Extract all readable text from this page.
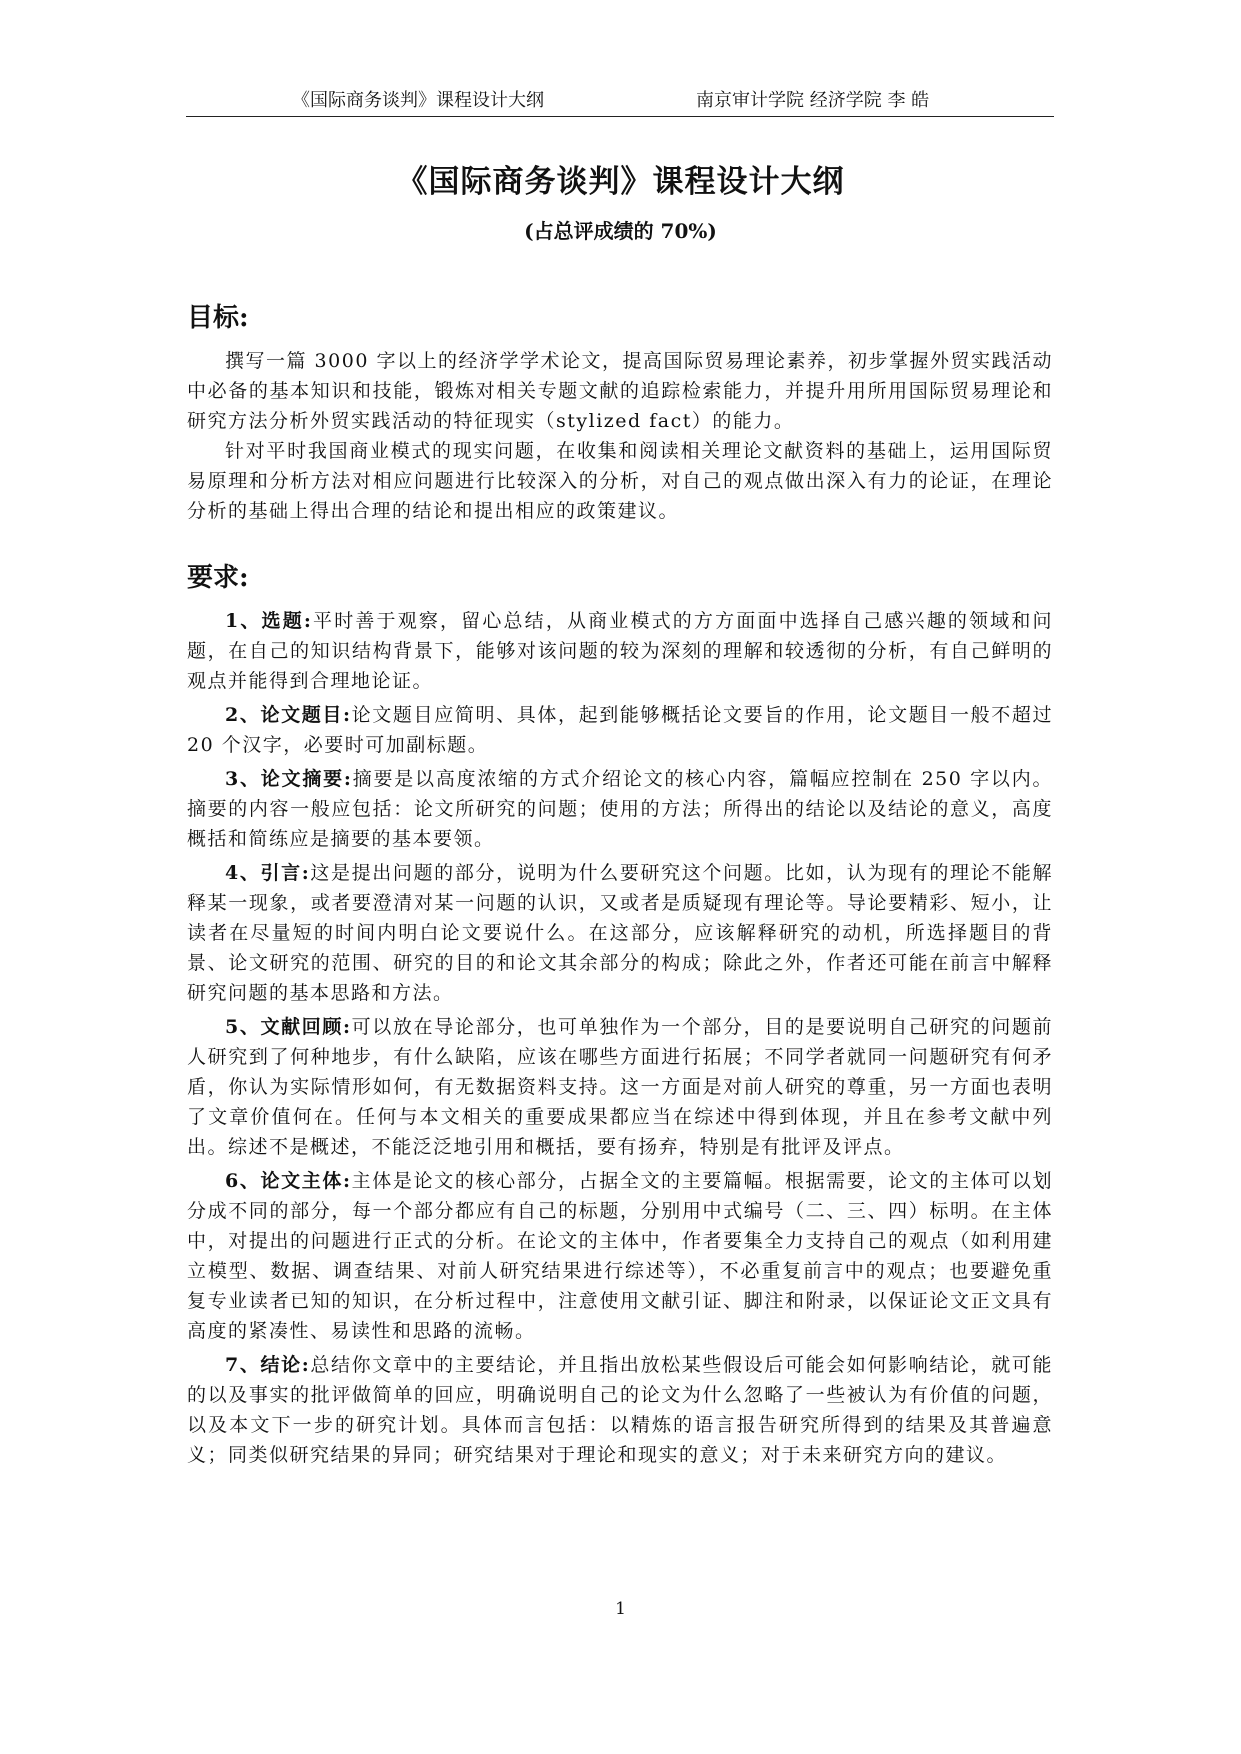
《国际商务谈判》课程设计大纲	南京审计学院 经济学院 李 皓
《国际商务谈判》课程设计大纲
(占总评成绩的 70%)
目标:

撰写一篇 3000 字以上的经济学学术论文，提高国际贸易理论素养，初步掌握外贸实践活动中必备的基本知识和技能，锻炼对相关专题文献的追踪检索能力，并提升用所用国际贸易理论和研究方法分析外贸实践活动的特征现实（stylized fact）的能力。

针对平时我国商业模式的现实问题，在收集和阅读相关理论文献资料的基础上，运用国际贸易原理和分析方法对相应问题进行比较深入的分析，对自己的观点做出深入有力的论证，在理论分析的基础上得出合理的结论和提出相应的政策建议。

要求:

1、选题:平时善于观察，留心总结，从商业模式的方方面面中选择自己感兴趣的领域和问题，在自己的知识结构背景下，能够对该问题的较为深刻的理解和较透彻的分析，有自己鲜明的观点并能得到合理地论证。

2、论文题目:论文题目应简明、具体，起到能够概括论文要旨的作用，论文题目一般不超过 20 个汉字，必要时可加副标题。

3、论文摘要:摘要是以高度浓缩的方式介绍论文的核心内容，篇幅应控制在 250 字以内。摘要的内容一般应包括：论文所研究的问题；使用的方法；所得出的结论以及结论的意义，高度概括和简练应是摘要的基本要领。

4、引言:这是提出问题的部分，说明为什么要研究这个问题。比如，认为现有的理论不能解释某一现象，或者要澄清对某一问题的认识，又或者是质疑现有理论等。导论要精彩、短小，让读者在尽量短的时间内明白论文要说什么。在这部分，应该解释研究的动机，所选择题目的背景、论文研究的范围、研究的目的和论文其余部分的构成；除此之外，作者还可能在前言中解释研究问题的基本思路和方法。

5、文献回顾:可以放在导论部分，也可单独作为一个部分，目的是要说明自己研究的问题前人研究到了何种地步，有什么缺陷，应该在哪些方面进行拓展；不同学者就同一问题研究有何矛盾，你认为实际情形如何，有无数据资料支持。这一方面是对前人研究的尊重，另一方面也表明了文章价值何在。任何与本文相关的重要成果都应当在综述中得到体现，并且在参考文献中列出。综述不是概述，不能泛泛地引用和概括，要有扬弃，特别是有批评及评点。

6、论文主体:主体是论文的核心部分，占据全文的主要篇幅。根据需要，论文的主体可以划分成不同的部分，每一个部分都应有自己的标题，分别用中式编号（二、三、四）标明。在主体中，对提出的问题进行正式的分析。在论文的主体中，作者要集全力支持自己的观点（如利用建立模型、数据、调查结果、对前人研究结果进行综述等），不必重复前言中的观点；也要避免重复专业读者已知的知识，在分析过程中，注意使用文献引证、脚注和附录，以保证论文正文具有高度的紧凑性、易读性和思路的流畅。

7、结论:总结你文章中的主要结论，并且指出放松某些假设后可能会如何影响结论，就可能的以及事实的批评做简单的回应，明确说明自己的论文为什么忽略了一些被认为有价值的问题，以及本文下一步的研究计划。具体而言包括：以精炼的语言报告研究所得到的结果及其普遍意义；同类似研究结果的异同；研究结果对于理论和现实的意义；对于未来研究方向的建议。

1
